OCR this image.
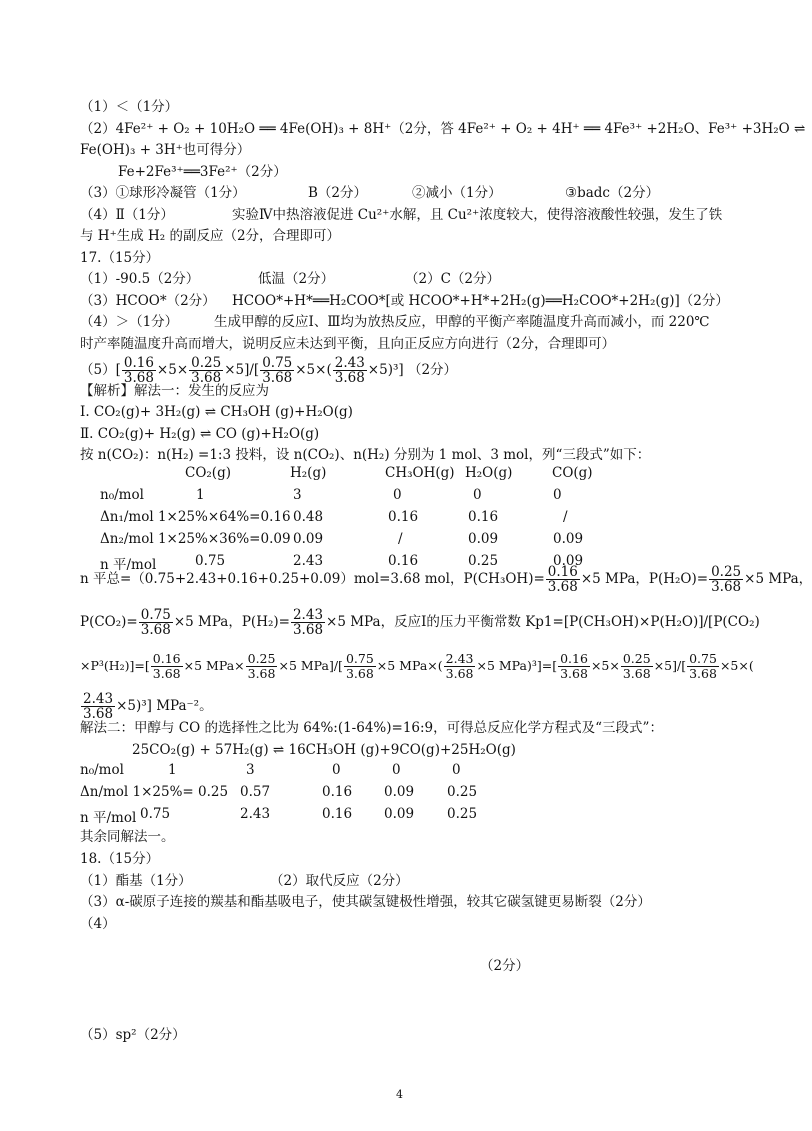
（1）＜（1分）
（2）4Fe²⁺ + O₂ + 10H₂O ══ 4Fe(OH)₃ + 8H⁺（2分，答 4Fe²⁺ + O₂ + 4H⁺ ══ 4Fe³⁺ +2H₂O、Fe³⁺ +3H₂O ⇌
Fe(OH)₃ + 3H⁺也可得分）
Fe+2Fe³⁺══3Fe²⁺（2分）
（3）①球形冷凝管（1分）	B（2分）	②减小（1分）	③badc（2分）
（4）Ⅱ（1分）	实验Ⅳ中热溶液促进 Cu²⁺水解，且 Cu²⁺浓度较大，使得溶液酸性较强，发生了铁
与 H⁺生成 H₂ 的副反应（2分，合理即可）
17.（15分）
（1）-90.5（2分）	低温（2分）	（2）C（2分）
（3）HCOO*（2分） HCOO*+H*══H₂COO*[或 HCOO*+H*+2H₂(g)══H₂COO*+2H₂(g)]（2分）
（4）＞（1分）	生成甲醇的反应Ⅰ、Ⅲ均为放热反应，甲醇的平衡产率随温度升高而减小，而 220℃
时产率随温度升高而增大，说明反应未达到平衡，且向正反应方向进行（2分，合理即可）
$(5)[ \frac{0.16}{3.68} \times 5\times \frac{0.25}{3.68} \times 5]/[ \frac{0.75}{3.68} \times 5\times( \frac{2.43}{3.68} \times 5)^3]$ （2分）
【解析】解法一：发生的反应为
Ⅰ. CO₂(g)+ 3H₂(g) ⇌ CH₃OH (g)+H₂O(g)
Ⅱ. CO₂(g)+ H₂(g) ⇌ CO (g)+H₂O(g)
按 n(CO₂)：n(H₂) =1:3 投料，设 n(CO₂)、n(H₂) 分别为 1 mol、3 mol，列“三段式”如下：
CO₂(g)	H₂(g)	CH₃OH(g) H₂O(g)	CO(g)
n₀/mol	1	3	0	0	0
Δn₁/mol 1×25%×64%=0.16 0.48	0.16	0.16	/
Δn₂/mol 1×25%×36%=0.09 0.09	/	0.09	0.09
n 平/mol	0.75	2.43	0.16	0.25	0.09
n 平总=（0.75+2.43+0.16+0.25+0.09）mol=3.68 mol，$P(CH_3OH)= \frac{0.16}{3.68} \times 5$ MPa，$P(H_2O)= \frac{0.25}{3.68} \times 5$ MPa，
$P(CO_2)= \frac{0.75}{3.68} \times 5$ MPa，$P(H_2)= \frac{2.43}{3.68} \times 5$ MPa，反应Ⅰ的压力平衡常数 Kp1=[P(CH₃OH)×P(H₂O)]/[P(CO₂)
$\times P^3(H_2)]=[ \frac{0.16}{3.68} \times 5$ $MPa\times \frac{0.25}{3.68} \times 5$ $MPa]/[ \frac{0.75}{3.68} \times 5$ $MPa\times( \frac{2.43}{3.68} \times 5$ $MPa)^3]=[ \frac{0.16}{3.68} \times 5\times \frac{0.25}{3.68} \times 5]/[ \frac{0.75}{3.68} \times 5\times$(
$\frac{2.43}{3.68} \times 5)^3$] MPa⁻²。
解法二：甲醇与 CO 的选择性之比为 64%:(1-64%)=16:9，可得总反应化学方程式及“三段式”：
25CO₂(g) + 57H₂(g) ⇌ 16CH₃OH (g)+9CO(g)+25H₂O(g)
n₀/mol	1	3	0	0	0
Δn/mol 1×25%= 0.25 0.57	0.16 0.09 0.25
n 平/mol 0.75	2.43	0.16 0.09 0.25
其余同解法一。
18.（15分）
（1）酯基（1分）	（2）取代反应（2分）
（3）α-碳原子连接的羰基和酯基吸电子，使其碳氢键极性增强，较其它碳氢键更易断裂（2分）
（4）
（2分）
（5）sp²（2分）
4
